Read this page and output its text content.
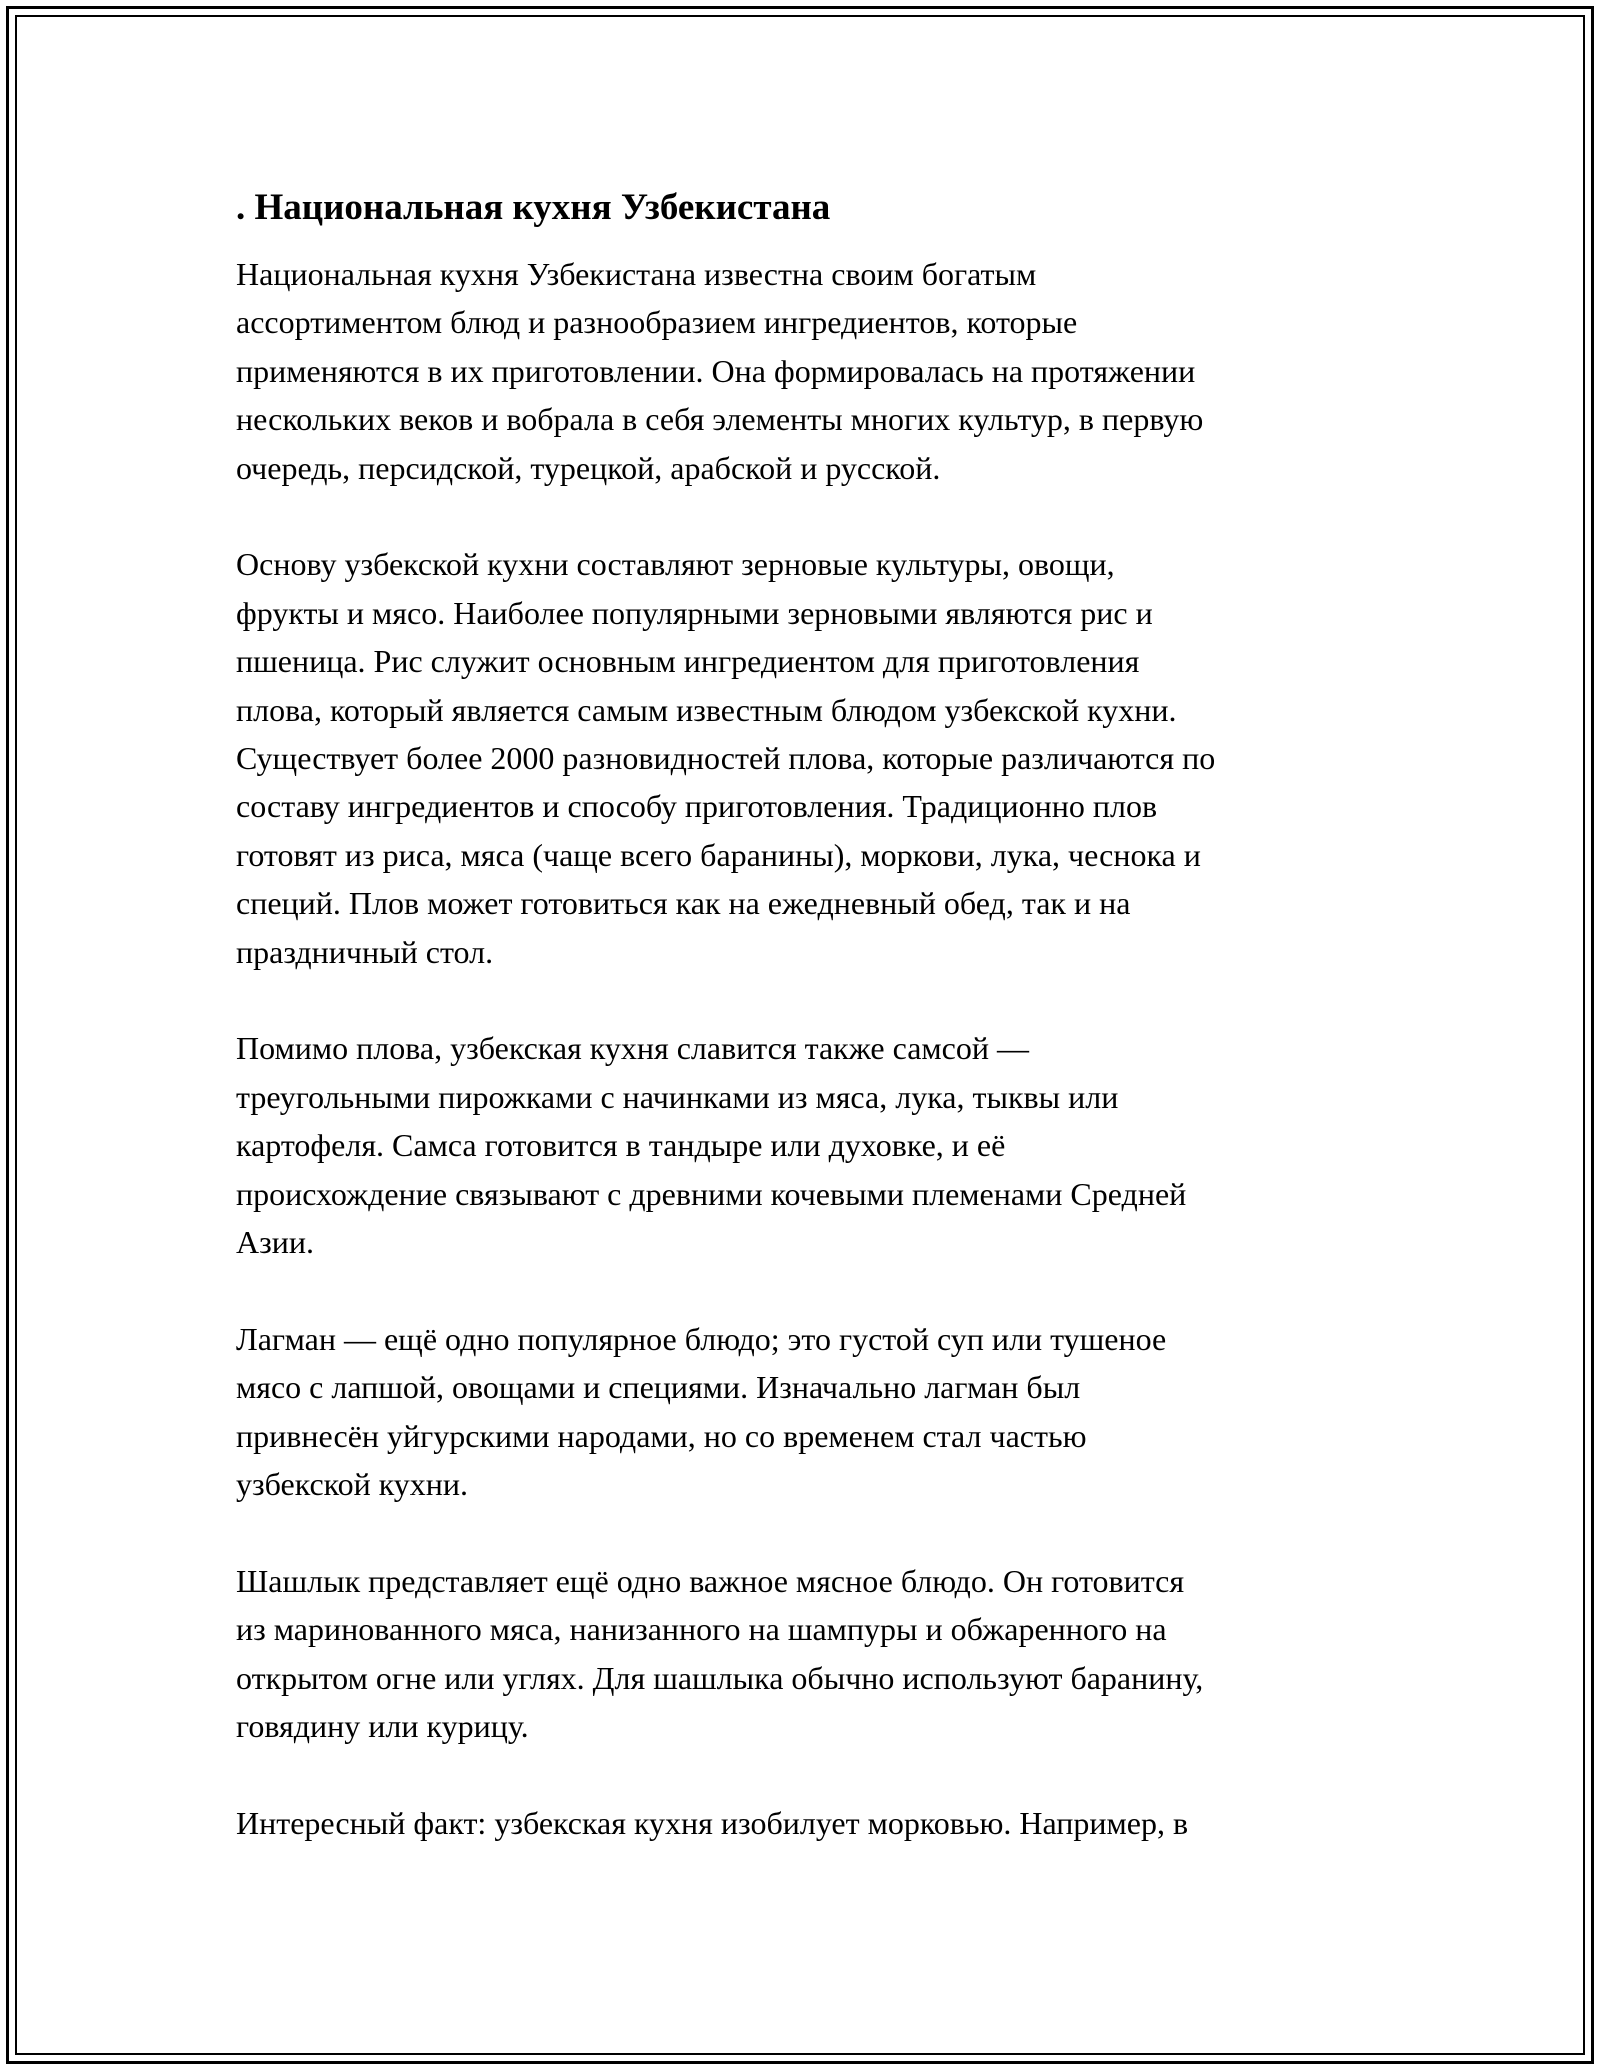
. Национальная кухня Узбекистана
Национальная кухня Узбекистана известна своим богатым
ассортиментом блюд и разнообразием ингредиентов, которые
применяются в их приготовлении. Она формировалась на протяжении
нескольких веков и вобрала в себя элементы многих культур, в первую
очередь, персидской, турецкой, арабской и русской.
Основу узбекской кухни составляют зерновые культуры, овощи,
фрукты и мясо. Наиболее популярными зерновыми являются рис и
пшеница. Рис служит основным ингредиентом для приготовления
плова, который является самым известным блюдом узбекской кухни.
Существует более 2000 разновидностей плова, которые различаются по
составу ингредиентов и способу приготовления. Традиционно плов
готовят из риса, мяса (чаще всего баранины), моркови, лука, чеснока и
специй. Плов может готовиться как на ежедневный обед, так и на
праздничный стол.
Помимо плова, узбекская кухня славится также самсой —
треугольными пирожками с начинками из мяса, лука, тыквы или
картофеля. Самса готовится в тандыре или духовке, и её
происхождение связывают с древними кочевыми племенами Средней
Азии.
Лагман — ещё одно популярное блюдо; это густой суп или тушеное
мясо с лапшой, овощами и специями. Изначально лагман был
привнесён уйгурскими народами, но со временем стал частью
узбекской кухни.
Шашлык представляет ещё одно важное мясное блюдо. Он готовится
из маринованного мяса, нанизанного на шампуры и обжаренного на
открытом огне или углях. Для шашлыка обычно используют баранину,
говядину или курицу.
Интересный факт: узбекская кухня изобилует морковью. Например, в
